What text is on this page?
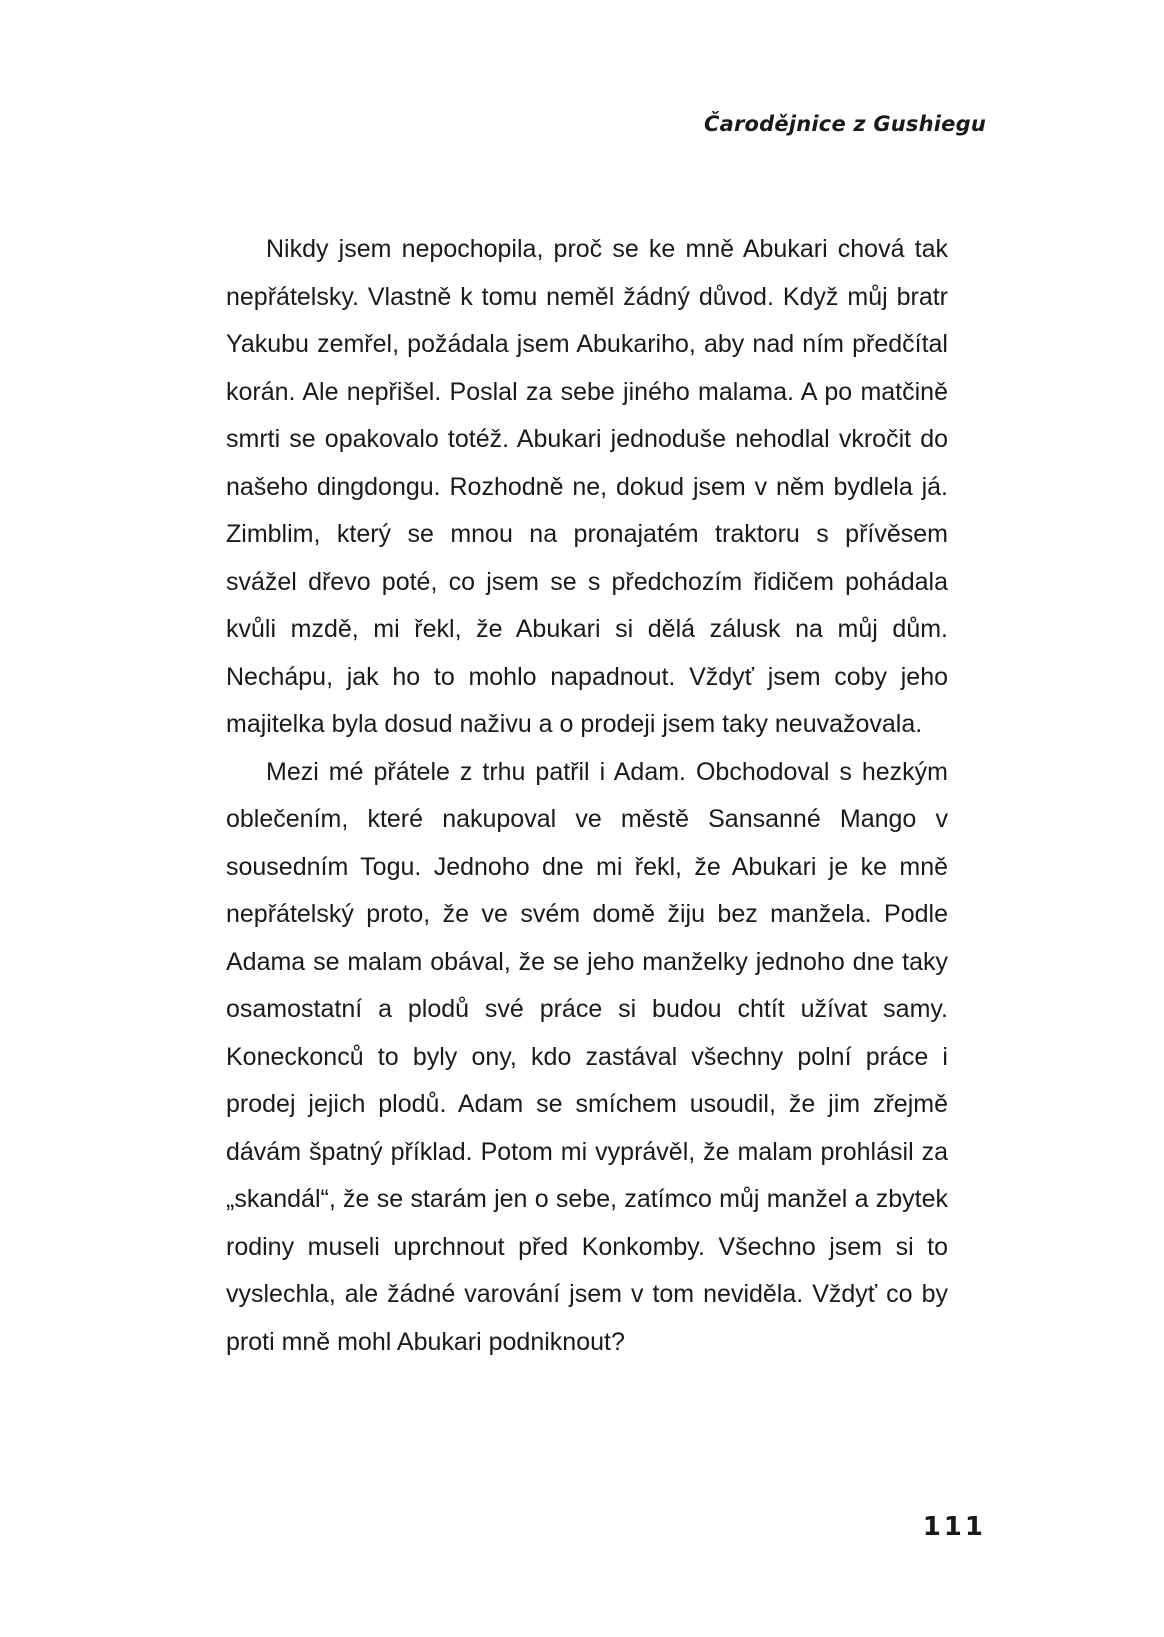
Čarodějnice z Gushiegu

Nikdy jsem nepochopila, proč se ke mně Abukari chová tak nepřátelsky. Vlastně k tomu neměl žádný důvod. Když můj bratr Yakubu zemřel, požádala jsem Abukariho, aby nad ním předčítal korán. Ale nepřišel. Poslal za sebe jiného malama. A po matčině smrti se opakovalo totéž. Abukari jednoduše nehodlal vkročit do našeho dingdongu. Rozhodně ne, dokud jsem v něm bydlela já. Zimblim, který se mnou na pronajatém traktoru s přívěsem svážel dřevo poté, co jsem se s předchozím řidičem pohádala kvůli mzdě, mi řekl, že Abukari si dělá zálusk na můj dům. Nechápu, jak ho to mohlo napadnout. Vždyť jsem coby jeho majitelka byla dosud naživu a o prodeji jsem taky neuvažovala.

Mezi mé přátele z trhu patřil i Adam. Obchodoval s hezkým oblečením, které nakupoval ve městě Sansanné Mango v sousedním Togu. Jednoho dne mi řekl, že Abukari je ke mně nepřátelský proto, že ve svém domě žiju bez manžela. Podle Adama se malam obával, že se jeho manželky jednoho dne taky osamostatní a plodů své práce si budou chtít užívat samy. Koneckonců to byly ony, kdo zastával všechny polní práce i prodej jejich plodů. Adam se smíchem usoudil, že jim zřejmě dávám špatný příklad. Potom mi vyprávěl, že malam prohlásil za „skandál“, že se starám jen o sebe, zatímco můj manžel a zbytek rodiny museli uprchnout před Konkomby. Všechno jsem si to vyslechla, ale žádné varování jsem v tom neviděla. Vždyť co by proti mně mohl Abukari podniknout?

111
